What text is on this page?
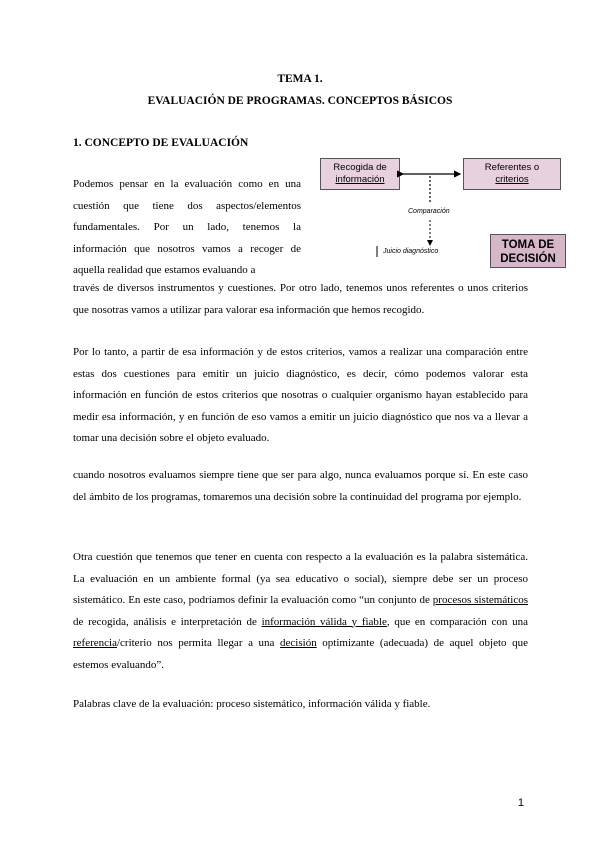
TEMA 1.
EVALUACIÓN DE PROGRAMAS. CONCEPTOS BÁSICOS
1. CONCEPTO DE EVALUACIÓN
Recogida de
información
Referentes o
criterios
Comparación
Juicio diagnóstico
TOMA DE
DECISIÓN

Podemos pensar en la evaluación como en una cuestión que tiene dos aspectos/elementos fundamentales. Por un lado, tenemos la información que nosotros vamos a recoger de aquella realidad que estamos evaluando a

través de diversos instrumentos y cuestiones. Por otro lado, tenemos unos referentes o unos criterios que nosotras vamos a utilizar para valorar esa información que hemos recogido.

Por lo tanto, a partir de esa información y de estos criterios, vamos a realizar una comparación entre estas dos cuestiones para emitir un juicio diagnóstico, es decir, cómo podemos valorar esta información en función de estos criterios que nosotras o cualquier organismo hayan establecido para medir esa información, y en función de eso vamos a emitir un juicio diagnóstico que nos va a llevar a tomar una decisión sobre el objeto evaluado.

cuando nosotros evaluamos siempre tiene que ser para algo, nunca evaluamos porque sí. En este caso del ámbito de los programas, tomaremos una decisión sobre la continuidad del programa por ejemplo.

Otra cuestión que tenemos que tener en cuenta con respecto a la evaluación es la palabra sistemática. La evaluación en un ambiente formal (ya sea educativo o social), siempre debe ser un proceso sistemático. En este caso, podríamos definir la evaluación como “un conjunto de procesos sistemáticos de recogida, análisis e interpretación de información válida y fiable, que en comparación con una referencia/criterio nos permita llegar a una decisión optimizante (adecuada) de aquel objeto que estemos evaluando”.

Palabras clave de la evaluación: proceso sistemático, información válida y fiable.

1
